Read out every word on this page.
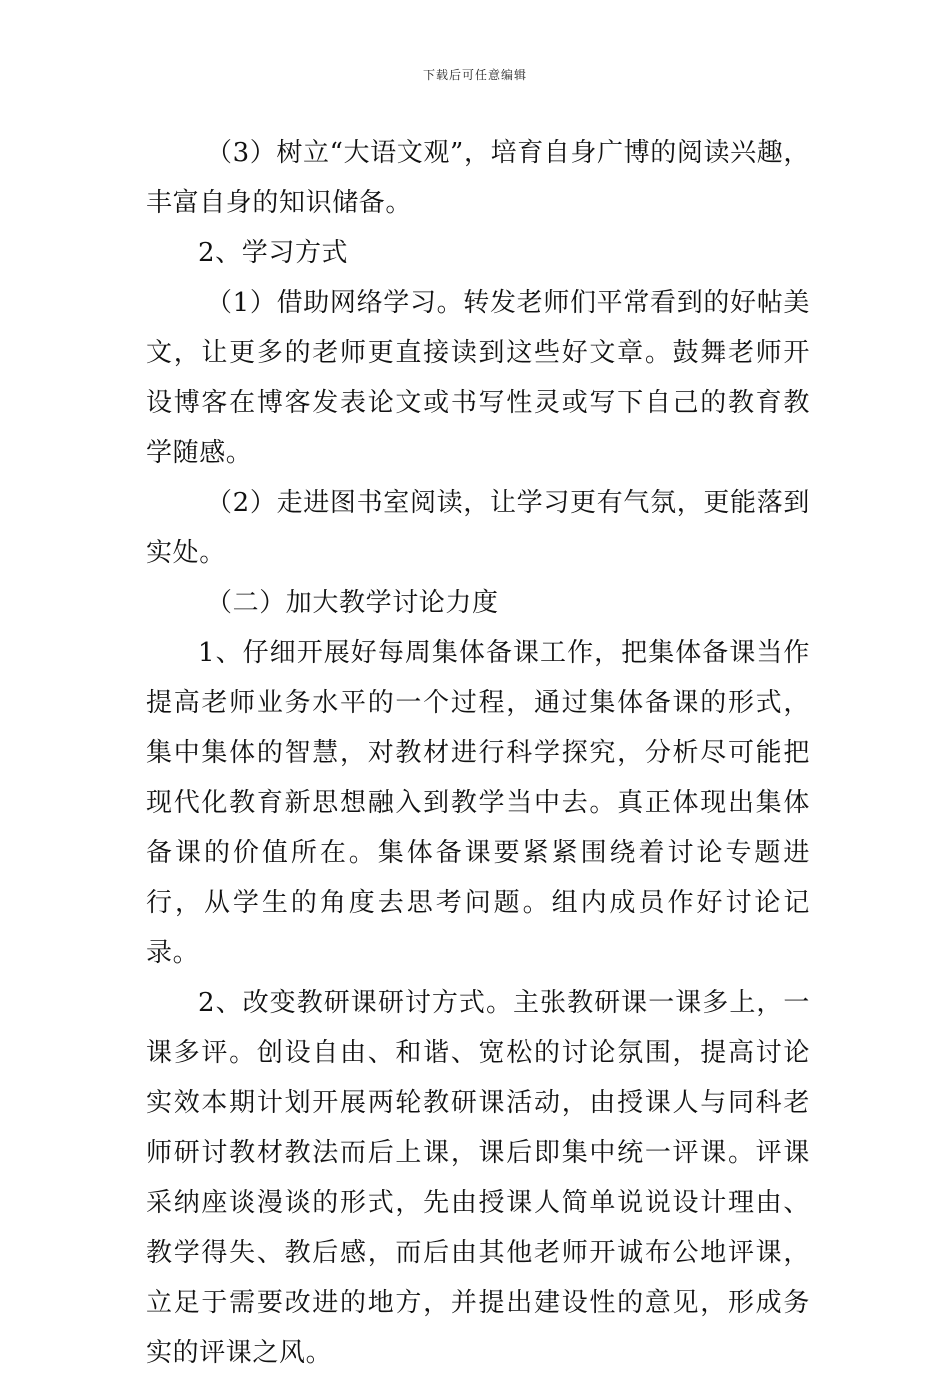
下载后可任意编辑

（3）树立“大语文观”，培育自身广博的阅读兴趣，丰富自身的知识储备。

2、学习方式

（1）借助网络学习。转发老师们平常看到的好帖美文，让更多的老师更直接读到这些好文章。鼓舞老师开设博客在博客发表论文或书写性灵或写下自己的教育教学随感。

（2）走进图书室阅读，让学习更有气氛，更能落到实处。

（二）加大教学讨论力度

1、仔细开展好每周集体备课工作，把集体备课当作提高老师业务水平的一个过程，通过集体备课的形式，集中集体的智慧，对教材进行科学探究，分析尽可能把现代化教育新思想融入到教学当中去。真正体现出集体备课的价值所在。集体备课要紧紧围绕着讨论专题进行，从学生的角度去思考问题。组内成员作好讨论记录。

2、改变教研课研讨方式。主张教研课一课多上，一课多评。创设自由、和谐、宽松的讨论氛围，提高讨论实效本期计划开展两轮教研课活动，由授课人与同科老师研讨教材教法而后上课，课后即集中统一评课。评课采纳座谈漫谈的形式，先由授课人简单说说设计理由、教学得失、教后感，而后由其他老师开诚布公地评课，立足于需要改进的地方，并提出建设性的意见，形成务实的评课之风。
